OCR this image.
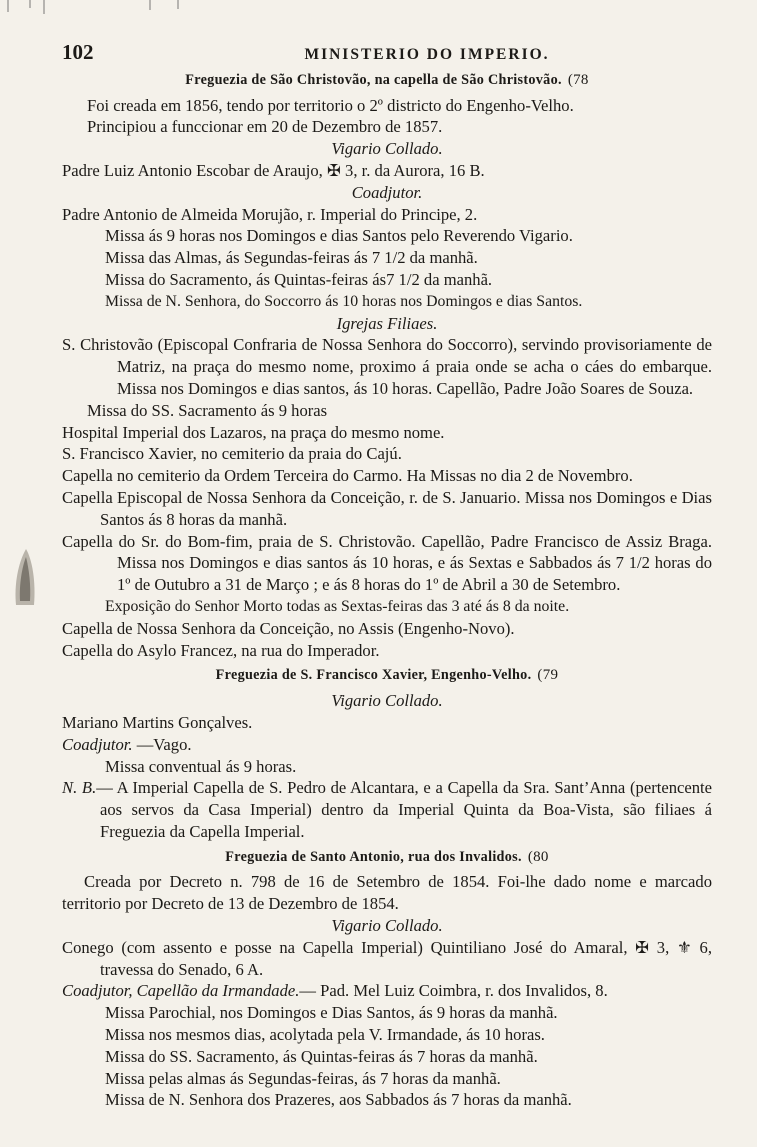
102	MINISTERIO DO IMPERIO.
Freguezia de São Christovão, na capella de São Christovão. (78
Foi creada em 1856, tendo por territorio o 2º districto do Engenho-Velho.
Principiou a funccionar em 20 de Dezembro de 1857.
Vigario Collado.
Padre Luiz Antonio Escobar de Araujo, ✠ 3, r. da Aurora, 16 B.
Coadjutor.
Padre Antonio de Almeida Morujão, r. Imperial do Principe, 2.
Missa ás 9 horas nos Domingos e dias Santos pelo Reverendo Vigario.
Missa das Almas, ás Segundas-feiras ás 7 1/2 da manhã.
Missa do Sacramento, ás Quintas-feiras ás7 1/2 da manhã.
Missa de N. Senhora, do Soccorro ás 10 horas nos Domingos e dias Santos.
Igrejas Filiaes.
S. Christovão (Episcopal Confraria de Nossa Senhora do Soccorro), servindo provisoriamente de Matriz, na praça do mesmo nome, proximo á praia onde se acha o cáes do embarque. Missa nos Domingos e dias santos, ás 10 horas. Capellão, Padre João Soares de Souza.
Missa do SS. Sacramento ás 9 horas
Hospital Imperial dos Lazaros, na praça do mesmo nome.
S. Francisco Xavier, no cemiterio da praia do Cajú.
Capella no cemiterio da Ordem Terceira do Carmo. Ha Missas no dia 2 de Novembro.
Capella Episcopal de Nossa Senhora da Conceição, r. de S. Januario. Missa nos Domingos e Dias Santos ás 8 horas da manhã.
Capella do Sr. do Bom-fim, praia de S. Christovão. Capellão, Padre Francisco de Assiz Braga. Missa nos Domingos e dias santos ás 10 horas, e ás Sextas e Sabbados ás 7 1/2 horas do 1º de Outubro a 31 de Março ; e ás 8 horas do 1º de Abril a 30 de Setembro.
Exposição do Senhor Morto todas as Sextas-feiras das 3 até ás 8 da noite.
Capella de Nossa Senhora da Conceição, no Assis (Engenho-Novo).
Capella do Asylo Francez, na rua do Imperador.
Freguezia de S. Francisco Xavier, Engenho-Velho. (79
Vigario Collado.
Mariano Martins Gonçalves.
Coadjutor. —Vago.
Missa conventual ás 9 horas.
N. B.— A Imperial Capella de S. Pedro de Alcantara, e a Capella da Sra. Sant’Anna (pertencente aos servos da Casa Imperial) dentro da Imperial Quinta da Boa-Vista, são filiaes á Freguezia da Capella Imperial.
Freguezia de Santo Antonio, rua dos Invalidos. (80
Creada por Decreto n. 798 de 16 de Setembro de 1854. Foi-lhe dado nome e marcado territorio por Decreto de 13 de Dezembro de 1854.
Vigario Collado.
Conego (com assento e posse na Capella Imperial) Quintiliano José do Amaral, ✠ 3, ⚜ 6, travessa do Senado, 6 A.
Coadjutor, Capellão da Irmandade.— Pad. Mel Luiz Coimbra, r. dos Invalidos, 8.
Missa Parochial, nos Domingos e Dias Santos, ás 9 horas da manhã.
Missa nos mesmos dias, acolytada pela V. Irmandade, ás 10 horas.
Missa do SS. Sacramento, ás Quintas-feiras ás 7 horas da manhã.
Missa pelas almas ás Segundas-feiras, ás 7 horas da manhã.
Missa de N. Senhora dos Prazeres, aos Sabbados ás 7 horas da manhã.
